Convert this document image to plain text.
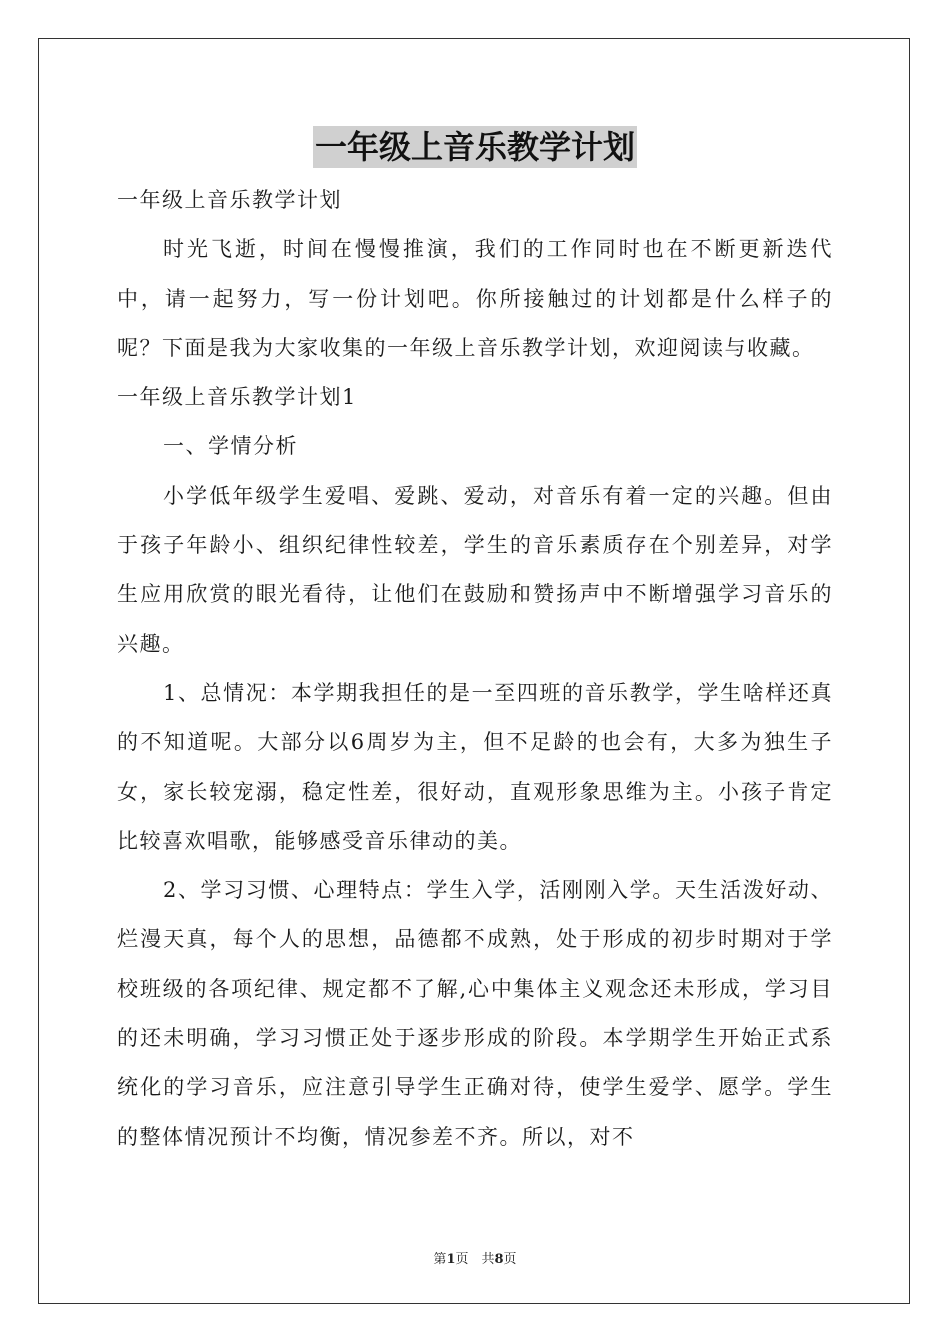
一年级上音乐教学计划

一年级上音乐教学计划

时光飞逝，时间在慢慢推演，我们的工作同时也在不断更新迭代中，请一起努力，写一份计划吧。你所接触过的计划都是什么样子的呢？下面是我为大家收集的一年级上音乐教学计划，欢迎阅读与收藏。

一年级上音乐教学计划1

一、学情分析

小学低年级学生爱唱、爱跳、爱动，对音乐有着一定的兴趣。但由于孩子年龄小、组织纪律性较差，学生的音乐素质存在个别差异，对学生应用欣赏的眼光看待，让他们在鼓励和赞扬声中不断增强学习音乐的兴趣。

1、总情况：本学期我担任的是一至四班的音乐教学，学生啥样还真的不知道呢。大部分以6周岁为主，但不足龄的也会有，大多为独生子女，家长较宠溺，稳定性差，很好动，直观形象思维为主。小孩子肯定比较喜欢唱歌，能够感受音乐律动的美。

2、学习习惯、心理特点：学生入学，活刚刚入学。天生活泼好动、烂漫天真，每个人的思想，品德都不成熟，处于形成的初步时期对于学校班级的各项纪律、规定都不了解,心中集体主义观念还未形成，学习目的还未明确，学习习惯正处于逐步形成的阶段。本学期学生开始正式系统化的学习音乐，应注意引导学生正确对待，使学生爱学、愿学。学生的整体情况预计不均衡，情况参差不齐。所以，对不

第1页　共8页
